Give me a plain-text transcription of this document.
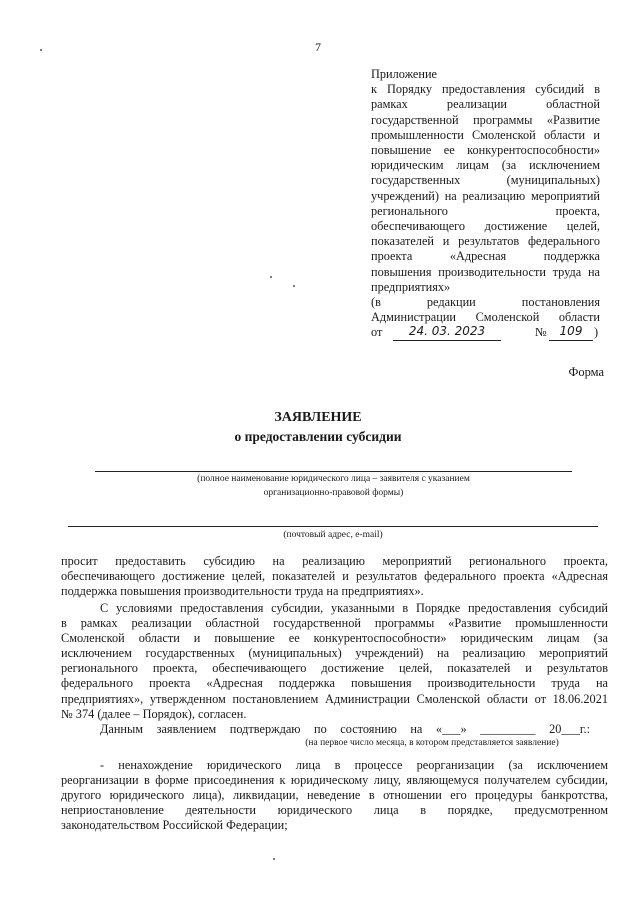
7
Приложение
к Порядку предоставления субсидий в
рамках реализации областной
государственной программы «Развитие
промышленности Смоленской области и
повышение ее конкурентоспособности»
юридическим лицам (за исключением
государственных (муниципальных)
учреждений) на реализацию мероприятий
регионального проекта,
обеспечивающего достижение целей,
показателей и результатов федерального
проекта «Адресная поддержка
повышения производительности труда на
предприятиях»
(в редакции постановления
Администрации Смоленской области
от	24. 03. 2023	№	109 )
Форма
ЗАЯВЛЕНИЕ
о предоставлении субсидии
(полное наименование юридического лица – заявителя с указанием
организационно-правовой формы)
(почтовый адрес, e-mail)
просит предоставить субсидию на реализацию мероприятий регионального проекта,
обеспечивающего достижение целей, показателей и результатов федерального проекта «Адресная
поддержка повышения производительности труда на предприятиях».
С условиями предоставления субсидии, указанными в Порядке предоставления субсидий
в рамках реализации областной государственной программы «Развитие промышленности
Смоленской области и повышение ее конкурентоспособности» юридическим лицам (за
исключением государственных (муниципальных) учреждений) на реализацию мероприятий
регионального проекта, обеспечивающего достижение целей, показателей и результатов
федерального проекта «Адресная поддержка повышения производительности труда на
предприятиях», утвержденном постановлением Администрации Смоленской области от 18.06.2021
№ 374 (далее – Порядок), согласен.
Данным заявлением подтверждаю по состоянию на «___» _________ 20___г.:
(на первое число месяца, в котором представляется заявление)
- ненахождение юридического лица в процессе реорганизации (за исключением
реорганизации в форме присоединения к юридическому лицу, являющемуся получателем субсидии,
другого юридического лица), ликвидации, неведение в отношении его процедуры банкротства,
неприостановление деятельности юридического лица в порядке, предусмотренном
законодательством Российской Федерации;
